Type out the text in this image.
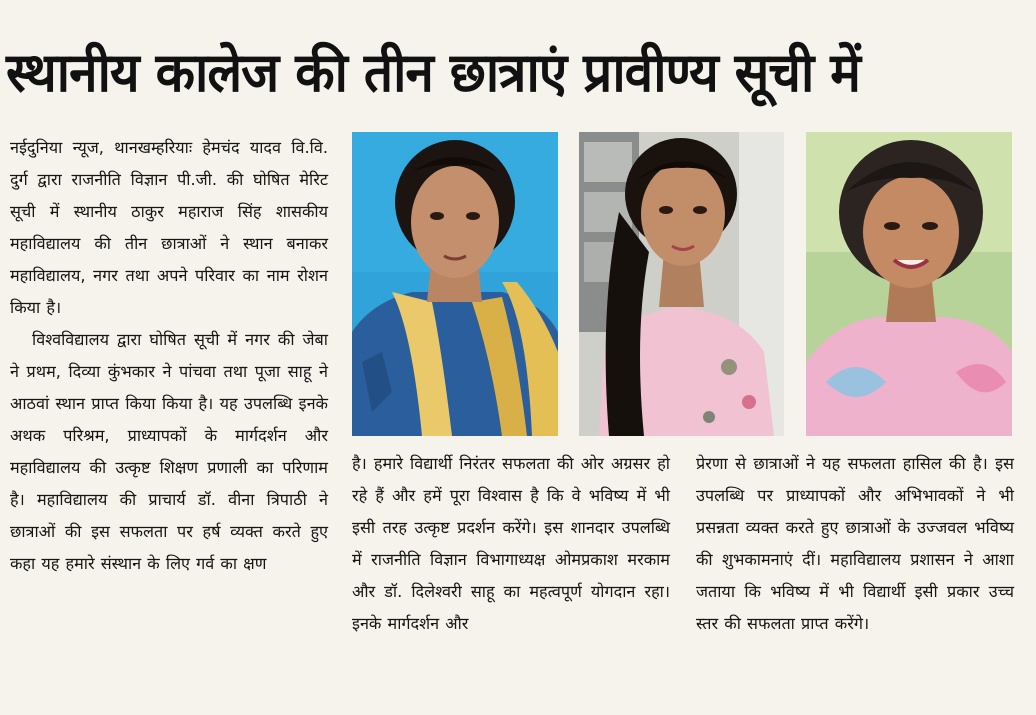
स्थानीय कालेज की तीन छात्राएं प्रावीण्य सूची में

नईदुनिया न्यूज, थानखम्हरियाः हेमचंद यादव वि.वि. दुर्ग द्वारा राजनीति विज्ञान पी.जी. की घोषित मेरिट सूची में स्थानीय ठाकुर महाराज सिंह शासकीय महाविद्यालय की तीन छात्राओं ने स्थान बनाकर महाविद्यालय, नगर तथा अपने परिवार का नाम रोशन किया है।

विश्वविद्यालय द्वारा घोषित सूची में नगर की जेबा ने प्रथम, दिव्या कुंभकार ने पांचवा तथा पूजा साहू ने आठवां स्थान प्राप्त किया किया है। यह उपलब्धि इनके अथक परिश्रम, प्राध्यापकों के मार्गदर्शन और महाविद्यालय की उत्कृष्ट शिक्षण प्रणाली का परिणाम है। महाविद्यालय की प्राचार्य डॉ. वीना त्रिपाठी ने छात्राओं की इस सफलता पर हर्ष व्यक्त करते हुए कहा यह हमारे संस्थान के लिए गर्व का क्षण

है। हमारे विद्यार्थी निरंतर सफलता की ओर अग्रसर हो रहे हैं और हमें पूरा विश्वास है कि वे भविष्य में भी इसी तरह उत्कृष्ट प्रदर्शन करेंगे। इस शानदार उपलब्धि में राजनीति विज्ञान विभागाध्यक्ष ओमप्रकाश मरकाम और डॉ. दिलेश्वरी साहू का महत्वपूर्ण योगदान रहा। इनके मार्गदर्शन और

प्रेरणा से छात्राओं ने यह सफलता हासिल की है। इस उपलब्धि पर प्राध्यापकों और अभिभावकों ने भी प्रसन्नता व्यक्त करते हुए छात्राओं के उज्जवल भविष्य की शुभकामनाएं दीं। महाविद्यालय प्रशासन ने आशा जताया कि भविष्य में भी विद्यार्थी इसी प्रकार उच्च स्तर की सफलता प्राप्त करेंगे।
